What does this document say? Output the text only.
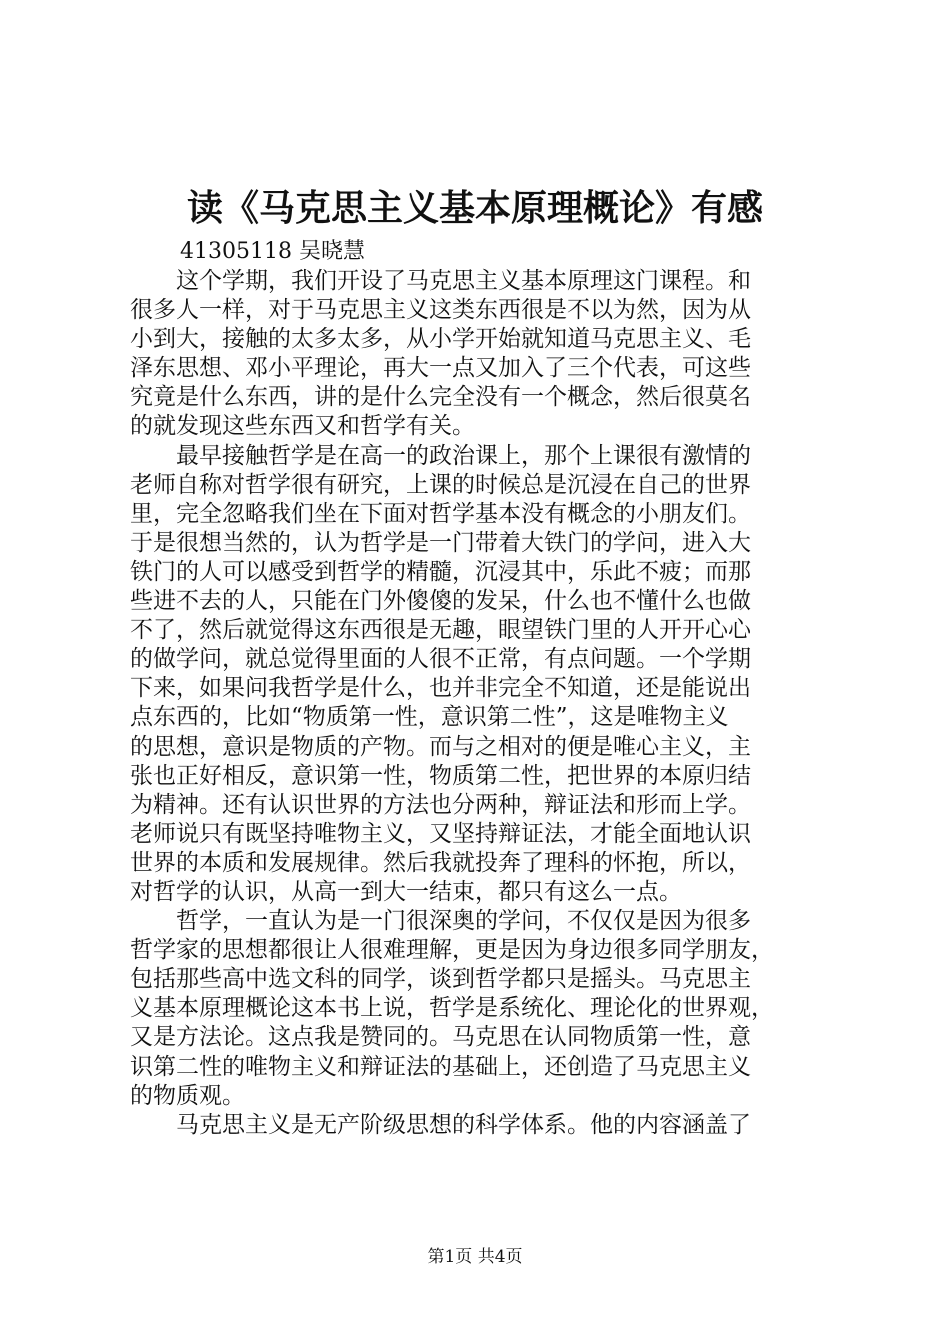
读《马克思主义基本原理概论》有感
41305118 吴晓慧
　　这个学期，我们开设了马克思主义基本原理这门课程。和
很多人一样，对于马克思主义这类东西很是不以为然，因为从
小到大，接触的太多太多，从小学开始就知道马克思主义、毛
泽东思想、邓小平理论，再大一点又加入了三个代表，可这些
究竟是什么东西，讲的是什么完全没有一个概念，然后很莫名
的就发现这些东西又和哲学有关。
　　最早接触哲学是在高一的政治课上，那个上课很有激情的
老师自称对哲学很有研究，上课的时候总是沉浸在自己的世界
里，完全忽略我们坐在下面对哲学基本没有概念的小朋友们。
于是很想当然的，认为哲学是一门带着大铁门的学问，进入大
铁门的人可以感受到哲学的精髓，沉浸其中，乐此不疲；而那
些进不去的人，只能在门外傻傻的发呆，什么也不懂什么也做
不了，然后就觉得这东西很是无趣，眼望铁门里的人开开心心
的做学问，就总觉得里面的人很不正常，有点问题。一个学期
下来，如果问我哲学是什么，也并非完全不知道，还是能说出
点东西的，比如“物质第一性，意识第二性”，这是唯物主义
的思想，意识是物质的产物。而与之相对的便是唯心主义，主
张也正好相反，意识第一性，物质第二性，把世界的本原归结
为精神。还有认识世界的方法也分两种，辩证法和形而上学。
老师说只有既坚持唯物主义，又坚持辩证法，才能全面地认识
世界的本质和发展规律。然后我就投奔了理科的怀抱，所以，
对哲学的认识，从高一到大一结束，都只有这么一点。
　　哲学，一直认为是一门很深奥的学问，不仅仅是因为很多
哲学家的思想都很让人很难理解，更是因为身边很多同学朋友，
包括那些高中选文科的同学，谈到哲学都只是摇头。马克思主
义基本原理概论这本书上说，哲学是系统化、理论化的世界观，
又是方法论。这点我是赞同的。马克思在认同物质第一性，意
识第二性的唯物主义和辩证法的基础上，还创造了马克思主义
的物质观。
　　马克思主义是无产阶级思想的科学体系。他的内容涵盖了
第1页 共4页
